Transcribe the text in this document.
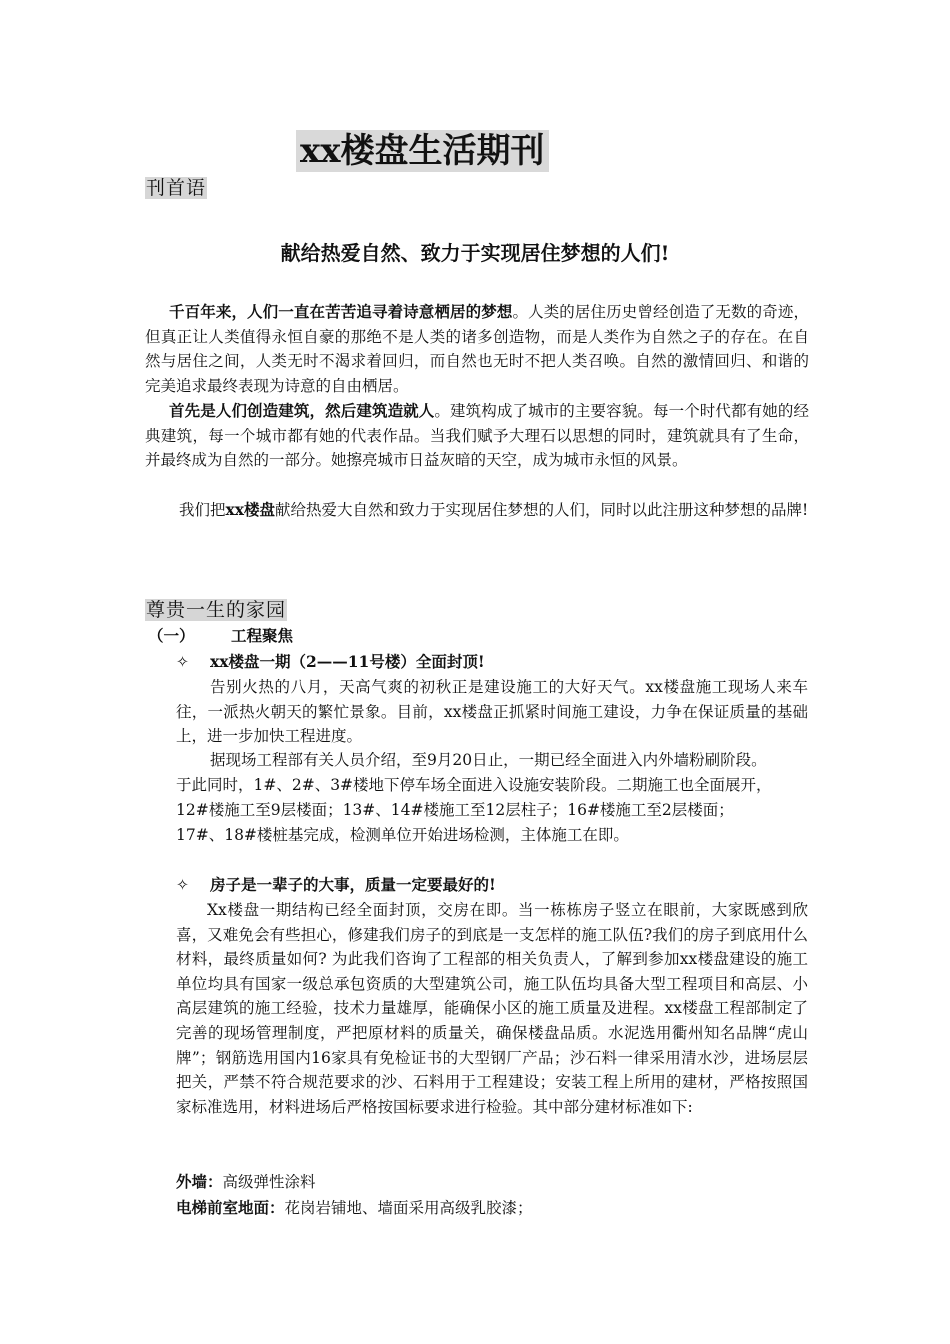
xx楼盘生活期刊
刊首语
献给热爱自然、致力于实现居住梦想的人们!
千百年来，人们一直在苦苦追寻着诗意栖居的梦想。人类的居住历史曾经创造了无数的奇迹，但真正让人类值得永恒自豪的那绝不是人类的诸多创造物，而是人类作为自然之子的存在。在自然与居住之间，人类无时不渴求着回归，而自然也无时不把人类召唤。自然的激情回归、和谐的完美追求最终表现为诗意的自由栖居。
首先是人们创造建筑，然后建筑造就人。建筑构成了城市的主要容貌。每一个时代都有她的经典建筑，每一个城市都有她的代表作品。当我们赋予大理石以思想的同时，建筑就具有了生命，并最终成为自然的一部分。她擦亮城市日益灰暗的天空，成为城市永恒的风景。
我们把xx楼盘献给热爱大自然和致力于实现居住梦想的人们，同时以此注册这种梦想的品牌!
尊贵一生的家园
（一） 工程聚焦
✧ xx楼盘一期（2——11号楼）全面封顶!
告别火热的八月，天高气爽的初秋正是建设施工的大好天气。xx楼盘施工现场人来车往，一派热火朝天的繁忙景象。目前，xx楼盘正抓紧时间施工建设，力争在保证质量的基础上，进一步加快工程进度。
据现场工程部有关人员介绍，至9月20日止，一期已经全面进入内外墙粉刷阶段。
于此同时，1#、2#、3#楼地下停车场全面进入设施安装阶段。二期施工也全面展开，
12#楼施工至9层楼面；13#、14#楼施工至12层柱子；16#楼施工至2层楼面；
17#、18#楼桩基完成，检测单位开始进场检测，主体施工在即。
✧ 房子是一辈子的大事，质量一定要最好的!
Xx楼盘一期结构已经全面封顶，交房在即。当一栋栋房子竖立在眼前，大家既感到欣喜，又难免会有些担心，修建我们房子的到底是一支怎样的施工队伍?我们的房子到底用什么材料，最终质量如何? 为此我们咨询了工程部的相关负责人，了解到参加xx楼盘建设的施工单位均具有国家一级总承包资质的大型建筑公司，施工队伍均具备大型工程项目和高层、小高层建筑的施工经验，技术力量雄厚，能确保小区的施工质量及进程。xx楼盘工程部制定了完善的现场管理制度，严把原材料的质量关，确保楼盘品质。水泥选用衢州知名品牌“虎山牌”；钢筋选用国内16家具有免检证书的大型钢厂产品；沙石料一律采用清水沙，进场层层把关，严禁不符合规范要求的沙、石料用于工程建设；安装工程上所用的建材，严格按照国家标准选用，材料进场后严格按国标要求进行检验。其中部分建材标准如下:
外墙：高级弹性涂料
电梯前室地面：花岗岩铺地、墙面采用高级乳胶漆；
